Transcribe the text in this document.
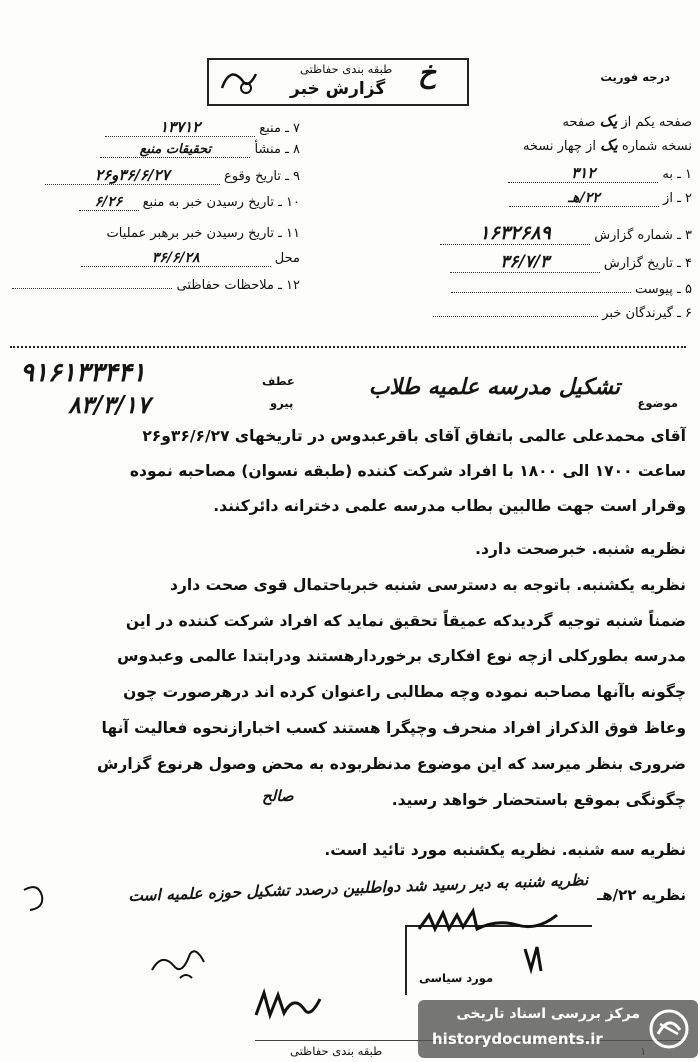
درجه فوریت
طبقه بندی حفاظتی
گزارش خبر خ
۷ ـ منبع ۱۳۷۱۲
۸ ـ منشأ تحقیقات منبع
۹ ـ تاریخ وقوع ۳۶/۶/۲۷و۲۶
۱۰ ـ تاریخ رسیدن خبر به منبع ۶/۲۶
۱۱ ـ تاریخ رسیدن خبر برهبر عملیات
محل ۳۶/۶/۲۸
۱۲ ـ ملاحظات حفاظتی
صفحه یکم از یک صفحه
نسخه شماره یک از چهار نسخه
۱ ـ به ۳۱۲
۲ ـ از ۲۲/هـ
۳ ـ شماره گزارش ۱۶۳۲۶۸۹
۴ ـ تاریخ گزارش ۳۶/۷/۳
۵ ـ پیوست
۶ ـ گیرندگان خبر
موضوع
تشکیل مدرسه علمیه طلاب
عطف
پیرو
۹۱۶۱۳۳۴۴۱
۸۳/۳/۱۷
آقای محمدعلی عالمی باتفاق آقای باقرعبدوس در تاریخهای ۳۶/۶/۲۷و۲۶
ساعت ۱۷۰۰ الی ۱۸۰۰ با افراد شرکت کننده (طبقه نسوان) مصاحبه نموده
وقرار است جهت طالبین بطاب مدرسه علمی دخترانه دائرکنند.
نظریه شنبه. خبرصحت دارد.
نظریه یکشنبه. باتوجه به دسترسی شنبه خبرباحتمال قوی صحت دارد
ضمناً شنبه توجیه گردیدکه عمیقاً تحقیق نماید که افراد شرکت کننده در این
مدرسه بطورکلی ازچه نوع افکاری برخوردارهستند ودرابتدا عالمی وعبدوس
چگونه باآنها مصاحبه نموده وچه مطالبی راعنوان کرده اند درهرصورت چون
وعاظ فوق الذکراز افراد منحرف وچپگرا هستند کسب اخبارازنحوه فعالیت آنها
ضروری بنظر میرسد که این موضوع مدنظربوده به محض وصول هرنوع گزارش
چگونگی بموقع باستحضار خواهد رسید.
صالح
نظریه سه شنبه. نظریه یکشنبه مورد تائید است.
نظریه ۲۲/هـ
نظریه شنبه به دیر رسید شد دواطلبین درصدد تشکیل حوزه علمیه است
مورد سیاسی
طبقه بندی حفاظتی
مرکز بررسی اسناد تاریخی
historydocuments.ir
